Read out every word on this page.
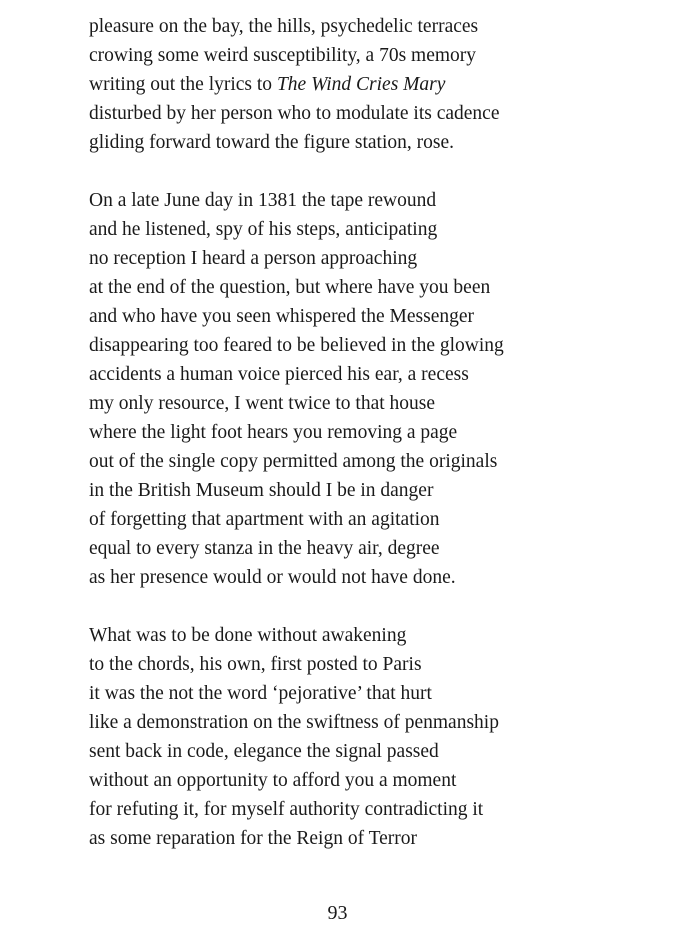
pleasure on the bay, the hills, psychedelic terraces
crowing some weird susceptibility, a 70s memory
writing out the lyrics to The Wind Cries Mary
disturbed by her person who to modulate its cadence
gliding forward toward the figure station, rose.
On a late June day in 1381 the tape rewound
and he listened, spy of his steps, anticipating
no reception I heard a person approaching
at the end of the question, but where have you been
and who have you seen whispered the Messenger
disappearing too feared to be believed in the glowing
accidents a human voice pierced his ear, a recess
my only resource, I went twice to that house
where the light foot hears you removing a page
out of the single copy permitted among the originals
in the British Museum should I be in danger
of forgetting that apartment with an agitation
equal to every stanza in the heavy air, degree
as her presence would or would not have done.
What was to be done without awakening
to the chords, his own, first posted to Paris
it was the not the word ‘pejorative’ that hurt
like a demonstration on the swiftness of penmanship
sent back in code, elegance the signal passed
without an opportunity to afford you a moment
for refuting it, for myself authority contradicting it
as some reparation for the Reign of Terror
93
